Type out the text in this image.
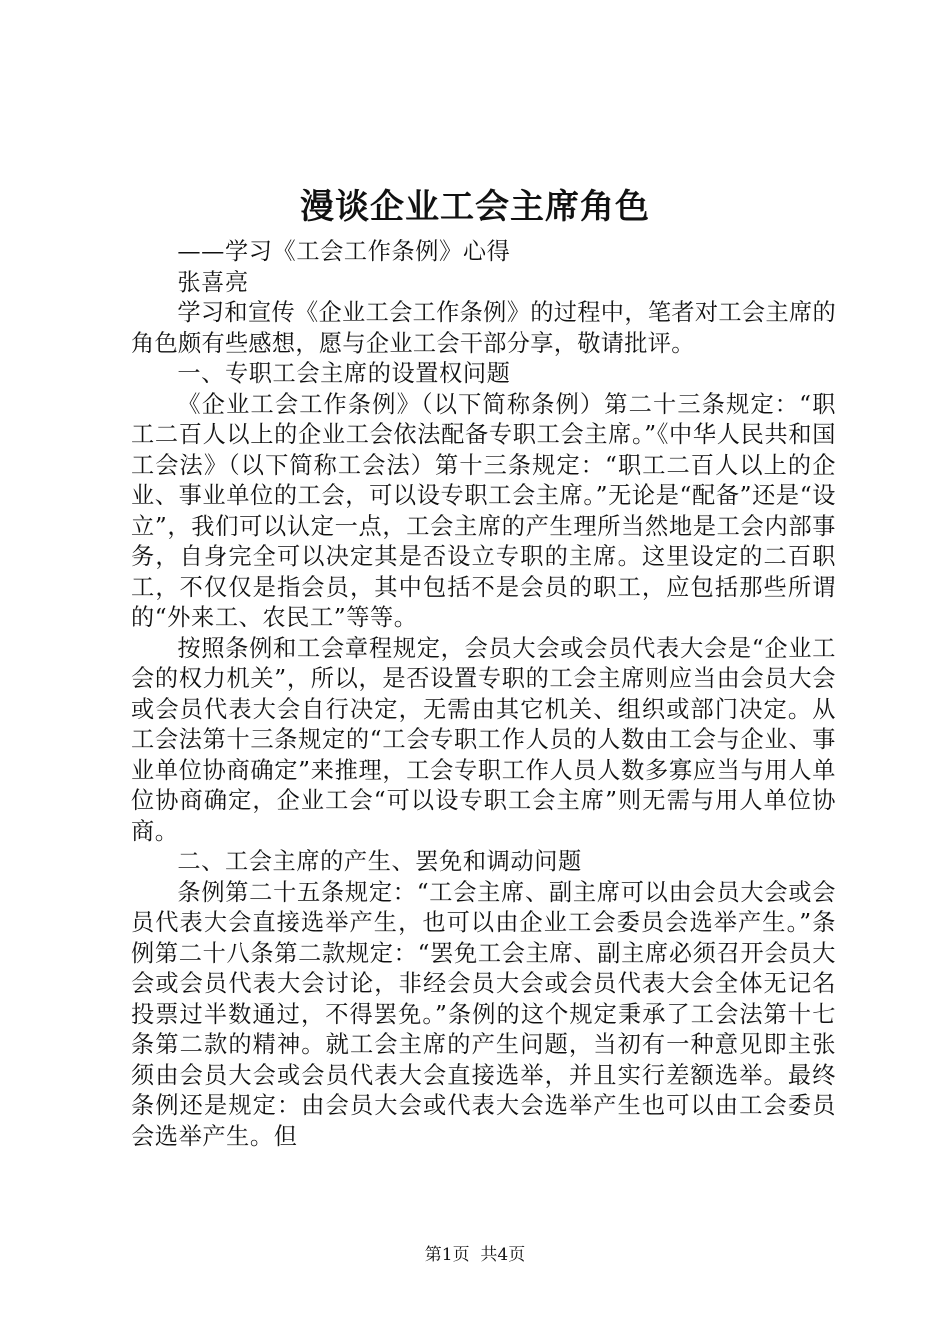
漫谈企业工会主席角色

——学习《工会工作条例》心得

张喜亮

学习和宣传《企业工会工作条例》的过程中，笔者对工会主席的角色颇有些感想，愿与企业工会干部分享，敬请批评。

一、专职工会主席的设置权问题

《企业工会工作条例》（以下简称条例）第二十三条规定：“职工二百人以上的企业工会依法配备专职工会主席。”《中华人民共和国工会法》（以下简称工会法）第十三条规定：“职工二百人以上的企业、事业单位的工会，可以设专职工会主席。”无论是“配备”还是“设立”，我们可以认定一点，工会主席的产生理所当然地是工会内部事务，自身完全可以决定其是否设立专职的主席。这里设定的二百职工，不仅仅是指会员，其中包括不是会员的职工，应包括那些所谓的“外来工、农民工”等等。

按照条例和工会章程规定，会员大会或会员代表大会是“企业工会的权力机关”，所以，是否设置专职的工会主席则应当由会员大会或会员代表大会自行决定，无需由其它机关、组织或部门决定。从工会法第十三条规定的“工会专职工作人员的人数由工会与企业、事业单位协商确定”来推理，工会专职工作人员人数多寡应当与用人单位协商确定，企业工会“可以设专职工会主席”则无需与用人单位协商。

二、工会主席的产生、罢免和调动问题

条例第二十五条规定：“工会主席、副主席可以由会员大会或会员代表大会直接选举产生，也可以由企业工会委员会选举产生。”条例第二十八条第二款规定：“罢免工会主席、副主席必须召开会员大会或会员代表大会讨论，非经会员大会或会员代表大会全体无记名投票过半数通过，不得罢免。”条例的这个规定秉承了工会法第十七条第二款的精神。就工会主席的产生问题，当初有一种意见即主张须由会员大会或会员代表大会直接选举，并且实行差额选举。最终条例还是规定：由会员大会或代表大会选举产生也可以由工会委员会选举产生。但

第1页  共4页
